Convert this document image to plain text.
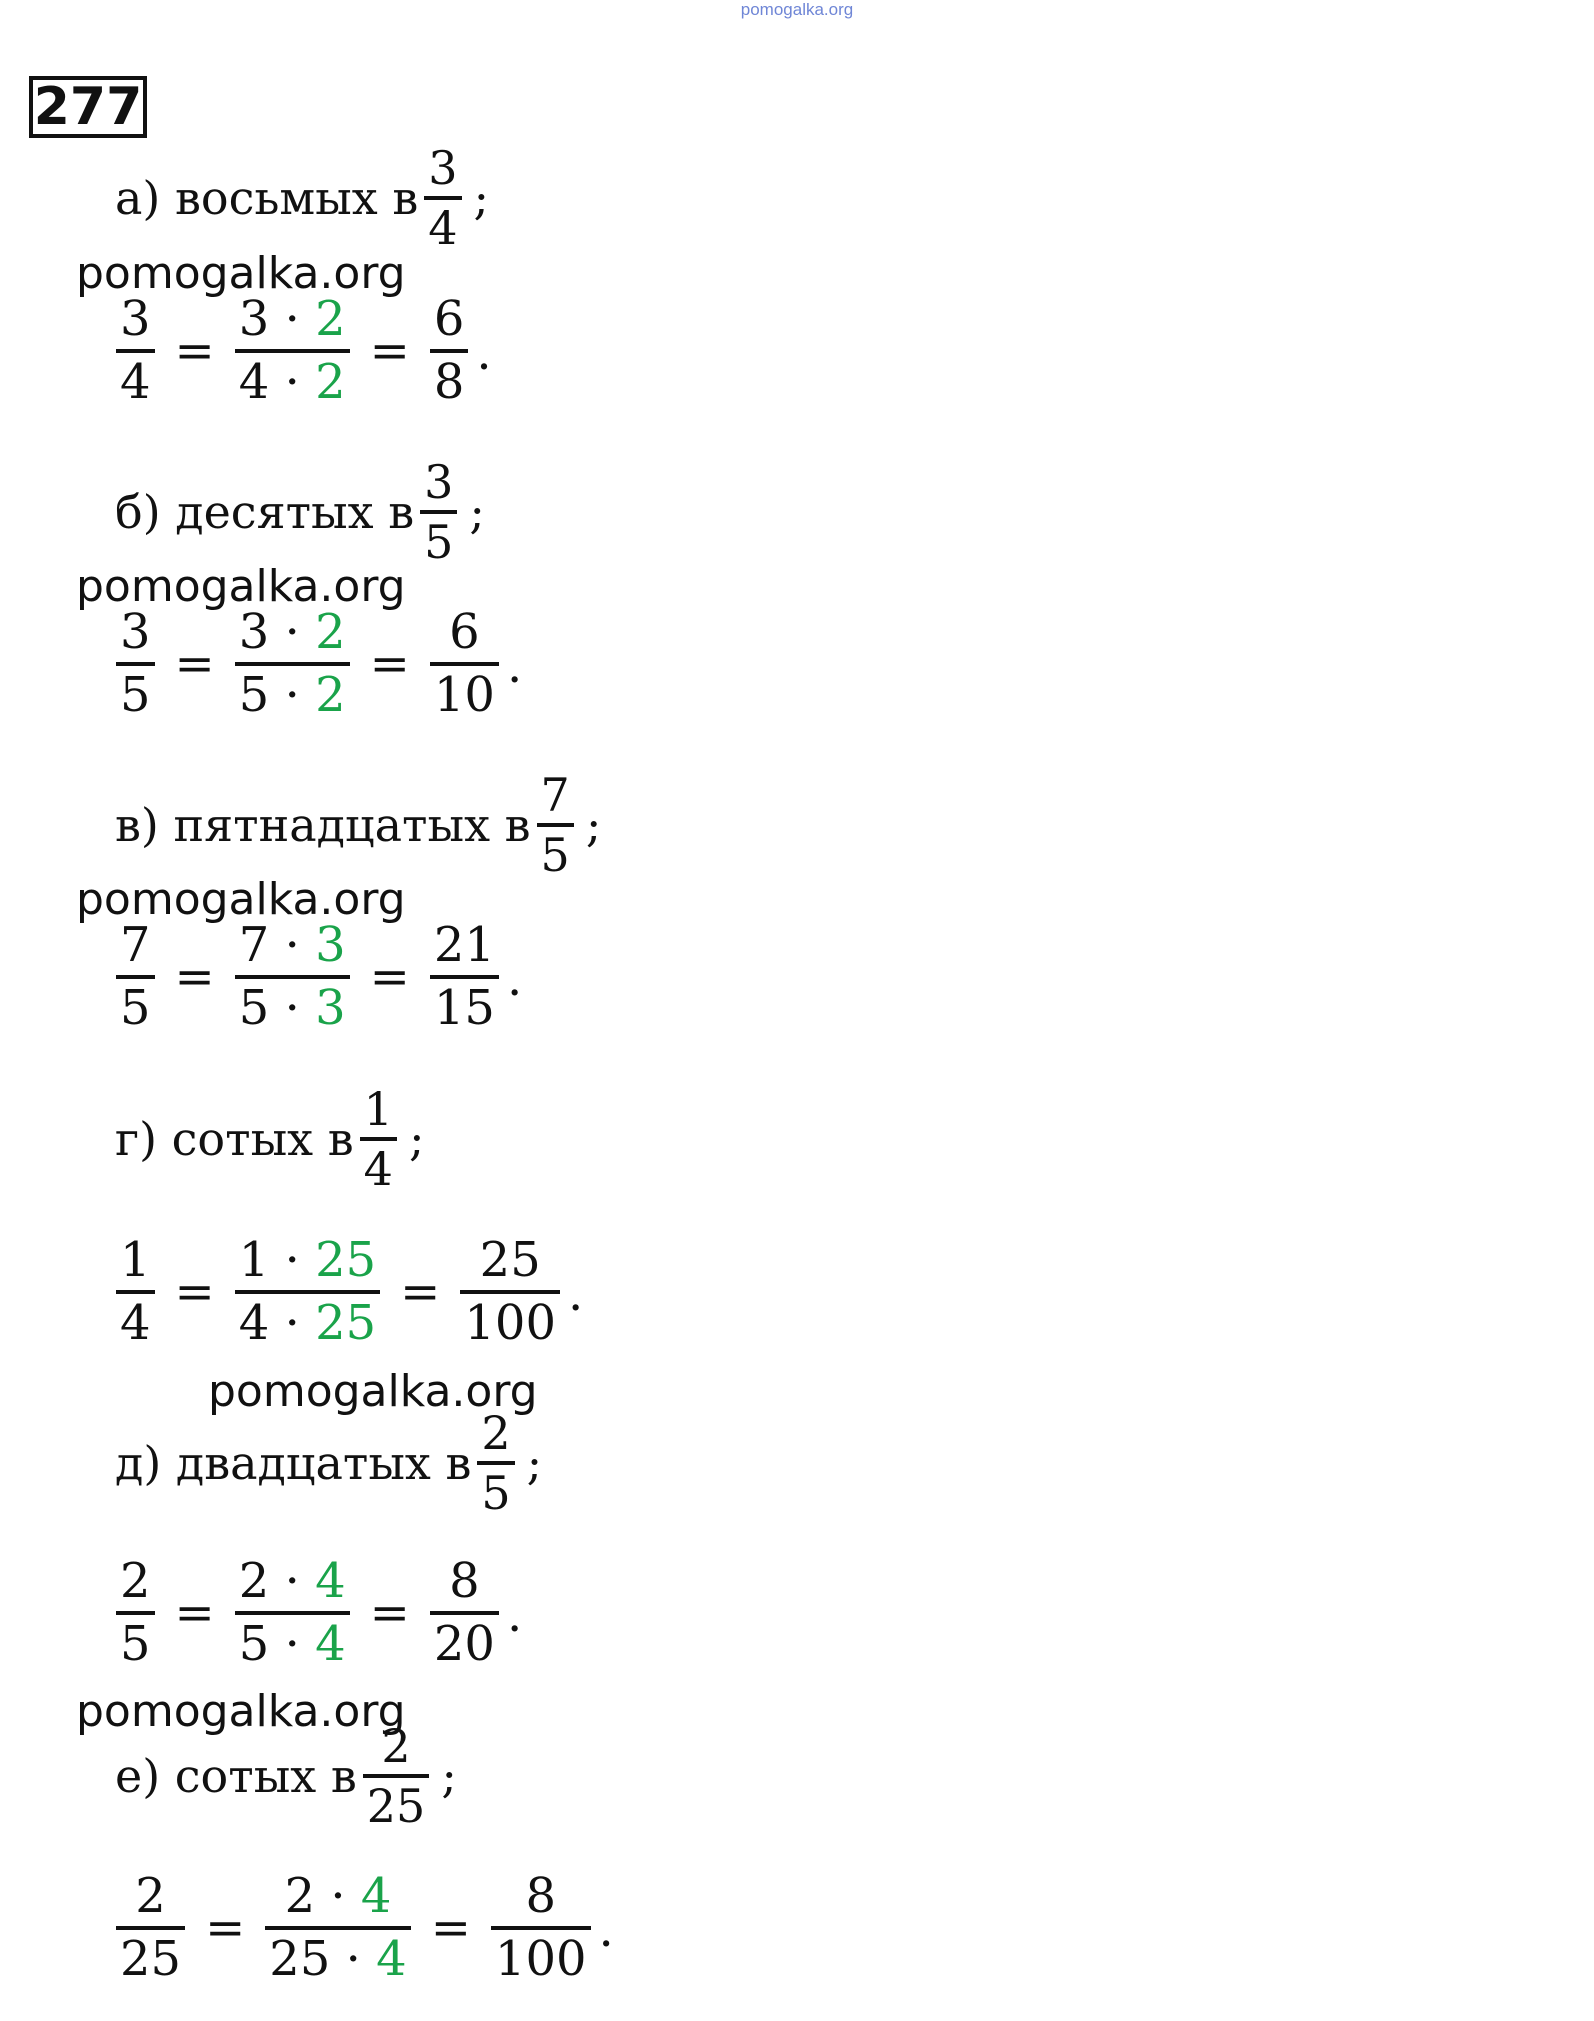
pomogalka.org
277
pomogalka.org
pomogalka.org
pomogalka.org
pomogalka.org
pomogalka.org
а) восьмых в $\frac{3}{4}$ ;
$\frac{3}{4} = \frac{3 \cdot 2}{4 \cdot 2} = \frac{6}{8}$ .
б) десятых в $\frac{3}{5}$ ;
$\frac{3}{5} = \frac{3 \cdot 2}{5 \cdot 2} = \frac{6}{10}$ .
в) пятнадцатых в $\frac{7}{5}$ ;
$\frac{7}{5} = \frac{7 \cdot 3}{5 \cdot 3} = \frac{21}{15}$ .
г) сотых в $\frac{1}{4}$ ;
$\frac{1}{4} = \frac{1 \cdot 25}{4 \cdot 25} = \frac{25}{100}$ .
д) двадцатых в $\frac{2}{5}$ ;
$\frac{2}{5} = \frac{2 \cdot 4}{5 \cdot 4} = \frac{8}{20}$ .
е) сотых в $\frac{2}{25}$ ;
$\frac{2}{25} = \frac{2 \cdot 4}{25 \cdot 4} = \frac{8}{100}$ .
